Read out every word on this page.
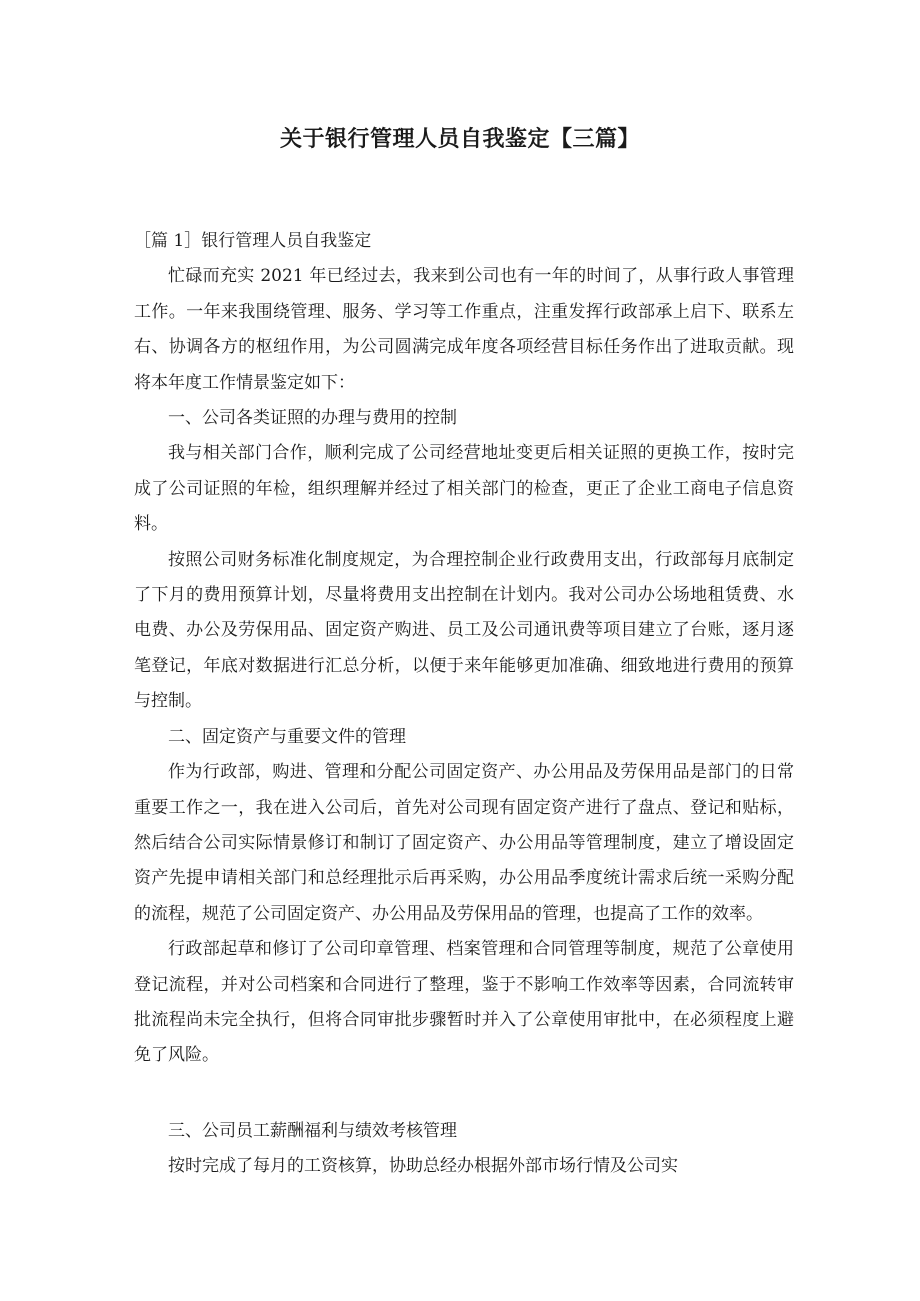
关于银行管理人员自我鉴定【三篇】

［篇 1］银行管理人员自我鉴定

忙碌而充实 2021 年已经过去，我来到公司也有一年的时间了，从事行政人事管理工作。一年来我围绕管理、服务、学习等工作重点，注重发挥行政部承上启下、联系左右、协调各方的枢纽作用，为公司圆满完成年度各项经营目标任务作出了进取贡献。现将本年度工作情景鉴定如下：

一、公司各类证照的办理与费用的控制

我与相关部门合作，顺利完成了公司经营地址变更后相关证照的更换工作，按时完成了公司证照的年检，组织理解并经过了相关部门的检查，更正了企业工商电子信息资料。

按照公司财务标准化制度规定，为合理控制企业行政费用支出，行政部每月底制定了下月的费用预算计划，尽量将费用支出控制在计划内。我对公司办公场地租赁费、水电费、办公及劳保用品、固定资产购进、员工及公司通讯费等项目建立了台账，逐月逐笔登记，年底对数据进行汇总分析，以便于来年能够更加准确、细致地进行费用的预算与控制。

二、固定资产与重要文件的管理

作为行政部，购进、管理和分配公司固定资产、办公用品及劳保用品是部门的日常重要工作之一，我在进入公司后，首先对公司现有固定资产进行了盘点、登记和贴标，然后结合公司实际情景修订和制订了固定资产、办公用品等管理制度，建立了增设固定资产先提申请相关部门和总经理批示后再采购，办公用品季度统计需求后统一采购分配的流程，规范了公司固定资产、办公用品及劳保用品的管理，也提高了工作的效率。

行政部起草和修订了公司印章管理、档案管理和合同管理等制度，规范了公章使用登记流程，并对公司档案和合同进行了整理，鉴于不影响工作效率等因素，合同流转审批流程尚未完全执行，但将合同审批步骤暂时并入了公章使用审批中，在必须程度上避免了风险。

三、公司员工薪酬福利与绩效考核管理

按时完成了每月的工资核算，协助总经办根据外部市场行情及公司实
